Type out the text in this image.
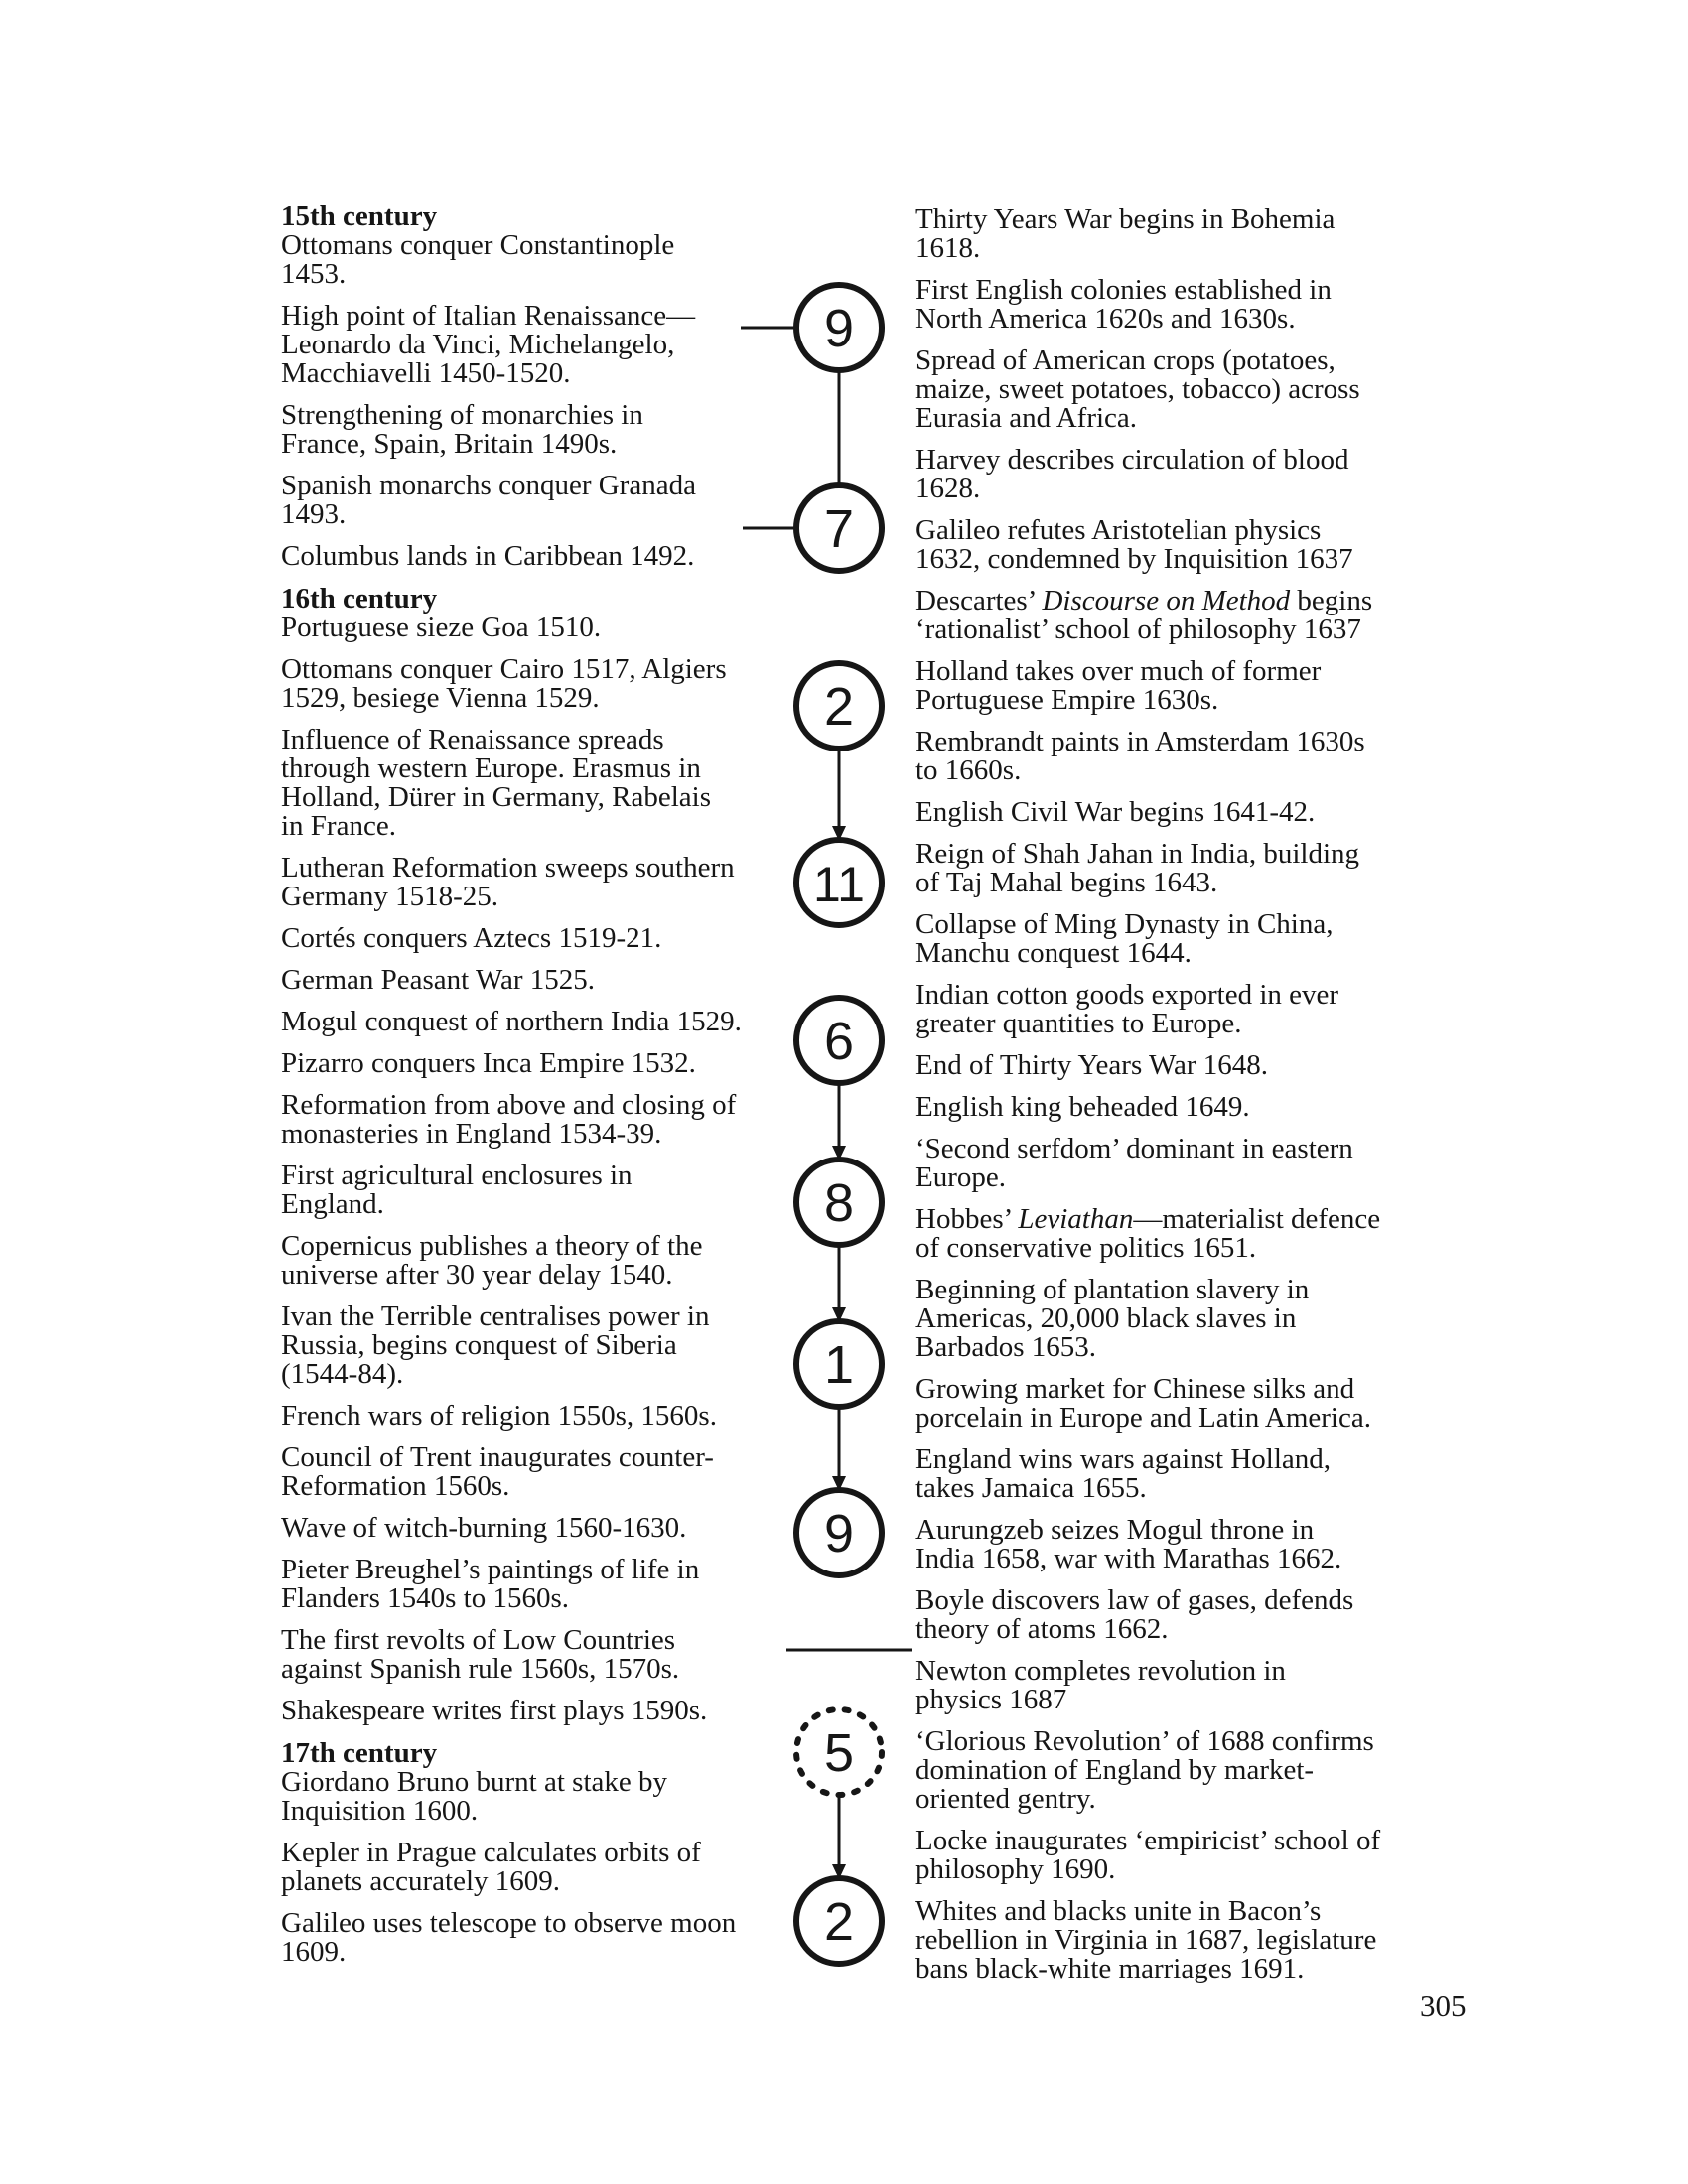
15th century
Ottomans conquer Constantinople
1453.
High point of Italian Renaissance—
Leonardo da Vinci, Michelangelo,
Macchiavelli 1450-1520.
Strengthening of monarchies in
France, Spain, Britain 1490s.
Spanish monarchs conquer Granada
1493.
Columbus lands in Caribbean 1492.
16th century
Portuguese sieze Goa 1510.
Ottomans conquer Cairo 1517, Algiers
1529, besiege Vienna 1529.
Influence of Renaissance spreads
through western Europe. Erasmus in
Holland, Dürer in Germany, Rabelais
in France.
Lutheran Reformation sweeps southern
Germany 1518-25.
Cortés conquers Aztecs 1519-21.
German Peasant War 1525.
Mogul conquest of northern India 1529.
Pizarro conquers Inca Empire 1532.
Reformation from above and closing of
monasteries in England 1534-39.
First agricultural enclosures in
England.
Copernicus publishes a theory of the
universe after 30 year delay 1540.
Ivan the Terrible centralises power in
Russia, begins conquest of Siberia
(1544-84).
French wars of religion 1550s, 1560s.
Council of Trent inaugurates counter-
Reformation 1560s.
Wave of witch-burning 1560-1630.
Pieter Breughel’s paintings of life in
Flanders 1540s to 1560s.
The first revolts of Low Countries
against Spanish rule 1560s, 1570s.
Shakespeare writes first plays 1590s.
17th century
Giordano Bruno burnt at stake by
Inquisition 1600.
Kepler in Prague calculates orbits of
planets accurately 1609.
Galileo uses telescope to observe moon
1609.
9
7
2
11
6
8
1
9
5
2
Thirty Years War begins in Bohemia
1618.
First English colonies established in
North America 1620s and 1630s.
Spread of American crops (potatoes,
maize, sweet potatoes, tobacco) across
Eurasia and Africa.
Harvey describes circulation of blood
1628.
Galileo refutes Aristotelian physics
1632, condemned by Inquisition 1637
Descartes’ Discourse on Method begins
‘rationalist’ school of philosophy 1637
Holland takes over much of former
Portuguese Empire 1630s.
Rembrandt paints in Amsterdam 1630s
to 1660s.
English Civil War begins 1641-42.
Reign of Shah Jahan in India, building
of Taj Mahal begins 1643.
Collapse of Ming Dynasty in China,
Manchu conquest 1644.
Indian cotton goods exported in ever
greater quantities to Europe.
End of Thirty Years War 1648.
English king beheaded 1649.
‘Second serfdom’ dominant in eastern
Europe.
Hobbes’ Leviathan—materialist defence
of conservative politics 1651.
Beginning of plantation slavery in
Americas, 20,000 black slaves in
Barbados 1653.
Growing market for Chinese silks and
porcelain in Europe and Latin America.
England wins wars against Holland,
takes Jamaica 1655.
Aurungzeb seizes Mogul throne in
India 1658, war with Marathas 1662.
Boyle discovers law of gases, defends
theory of atoms 1662.
Newton completes revolution in
physics 1687
‘Glorious Revolution’ of 1688 confirms
domination of England by market-
oriented gentry.
Locke inaugurates ‘empiricist’ school of
philosophy 1690.
Whites and blacks unite in Bacon’s
rebellion in Virginia in 1687, legislature
bans black-white marriages 1691.
305
